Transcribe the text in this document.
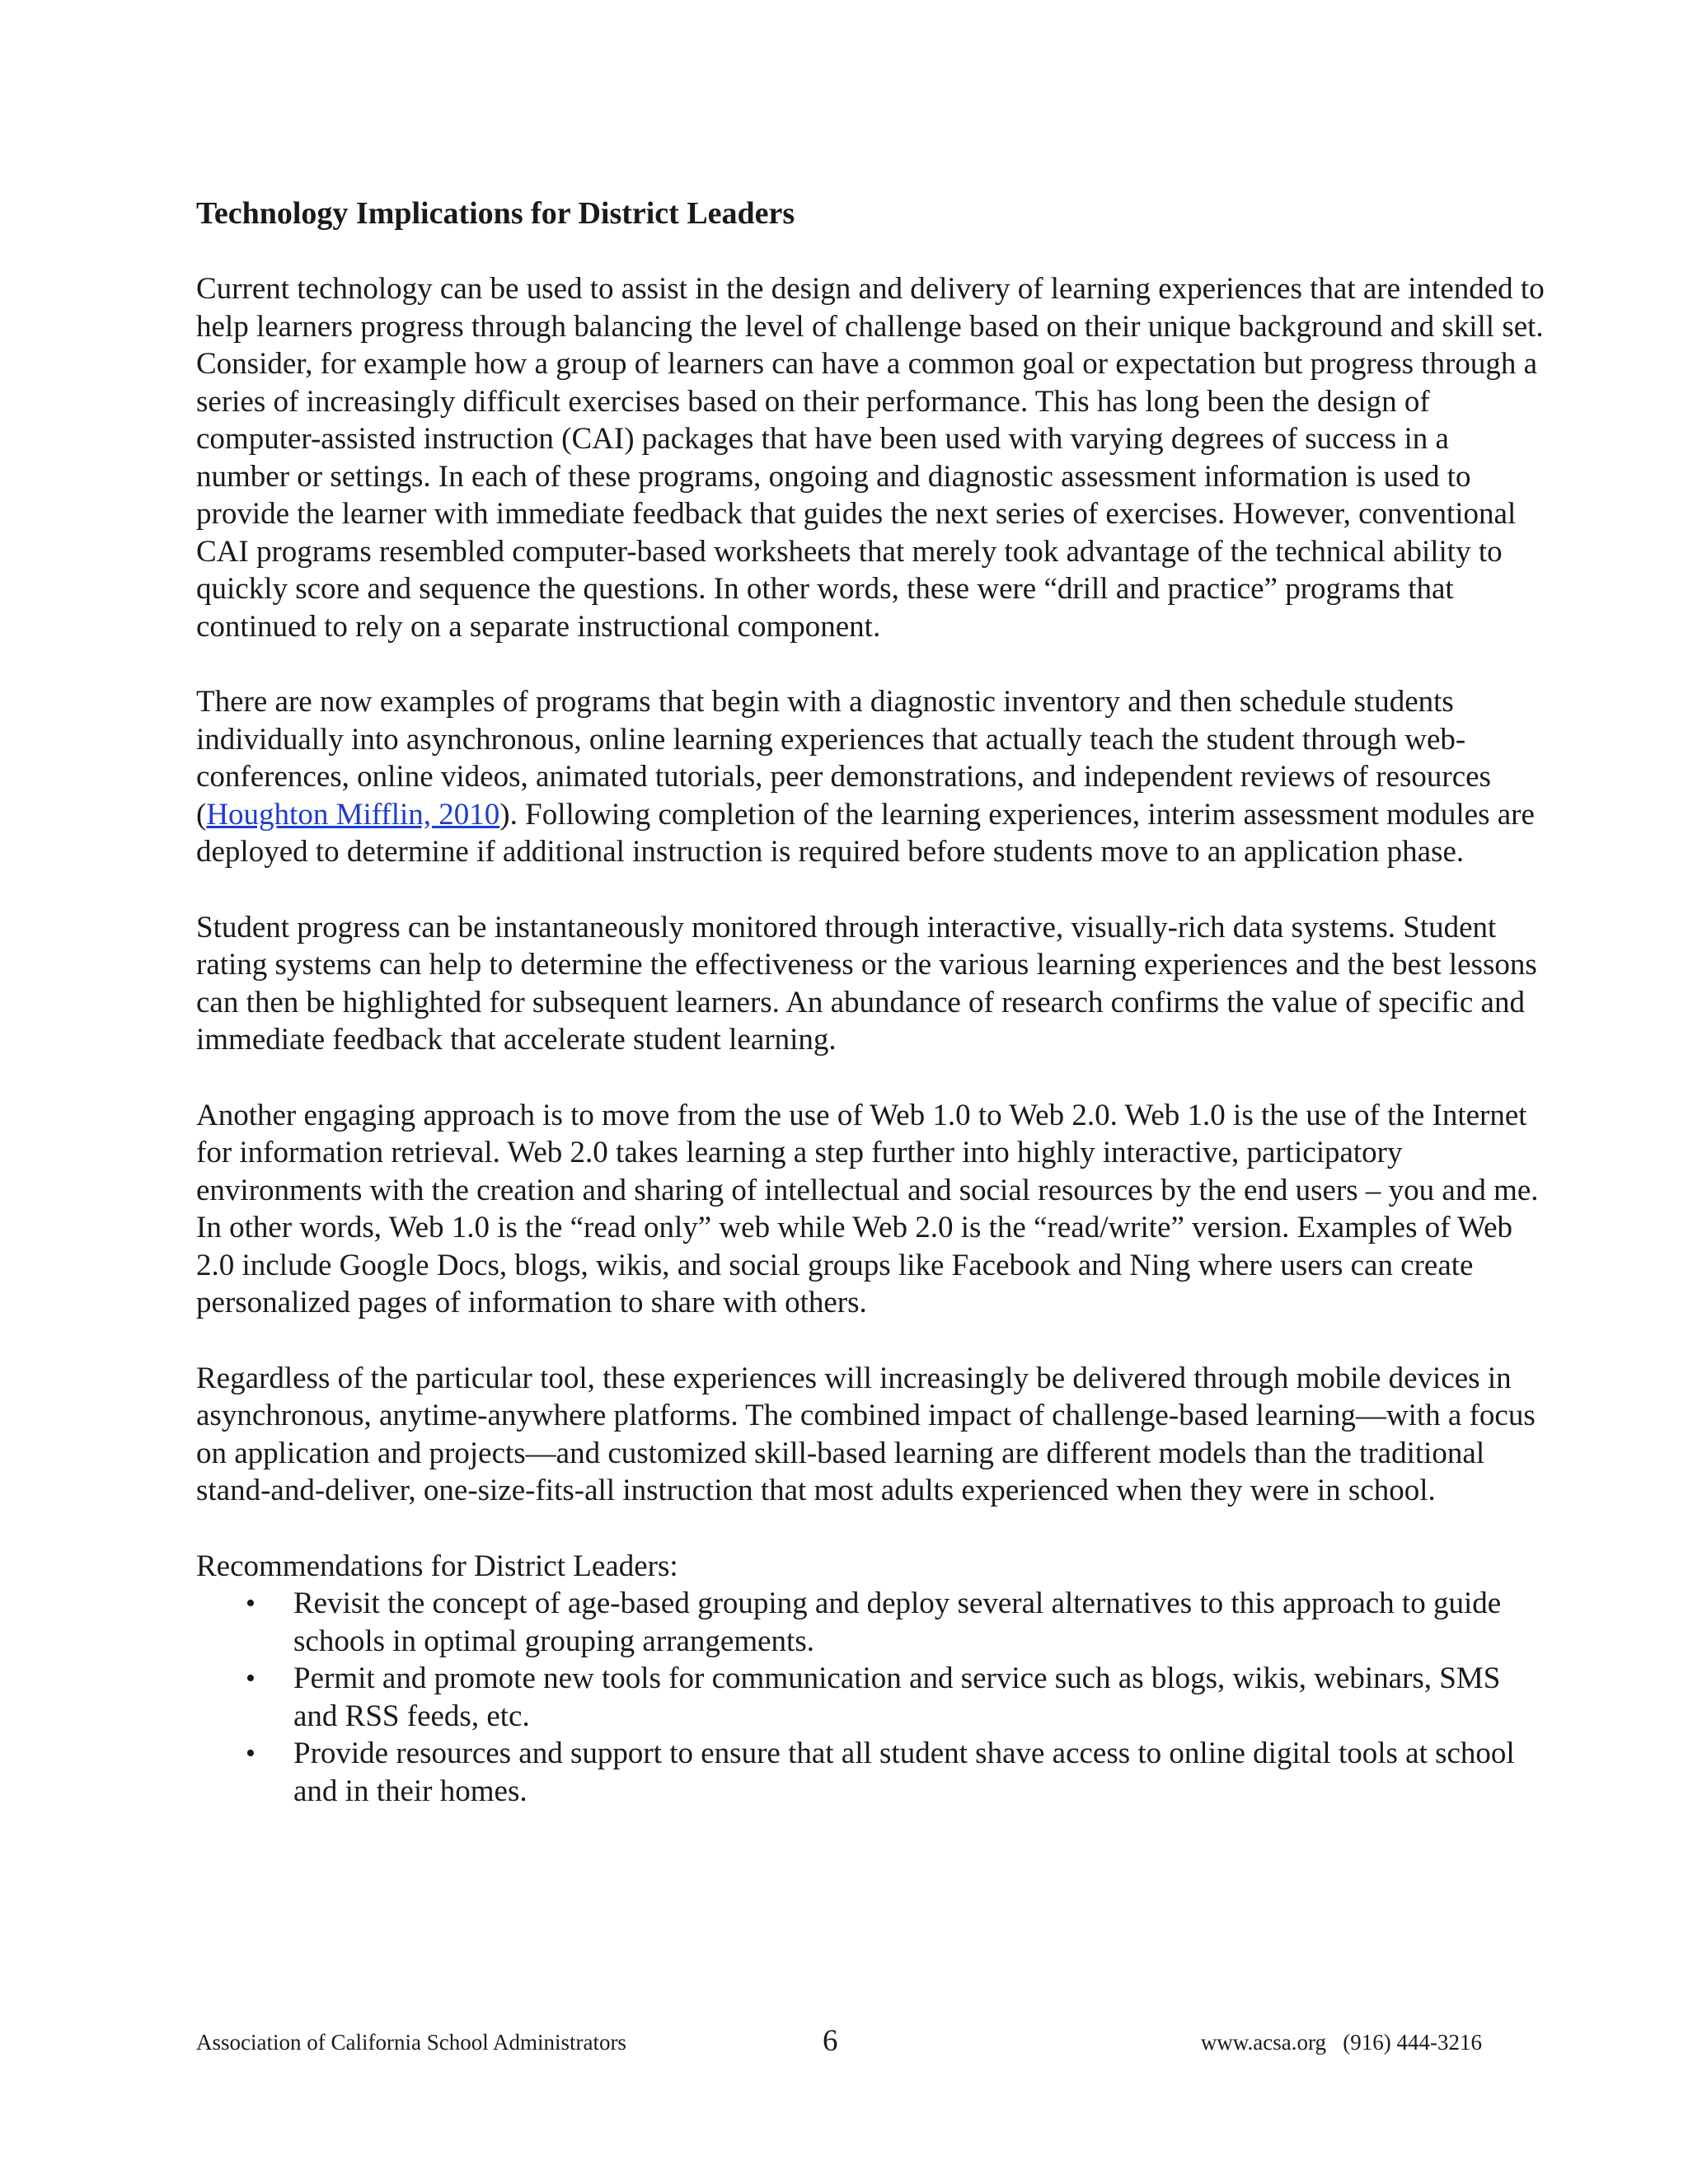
Technology Implications for District Leaders

Current technology can be used to assist in the design and delivery of learning experiences that are intended to help learners progress through balancing the level of challenge based on their unique background and skill set. Consider, for example how a group of learners can have a common goal or expectation but progress through a series of increasingly difficult exercises based on their performance. This has long been the design of computer-assisted instruction (CAI) packages that have been used with varying degrees of success in a number or settings. In each of these programs, ongoing and diagnostic assessment information is used to provide the learner with immediate feedback that guides the next series of exercises. However, conventional CAI programs resembled computer-based worksheets that merely took advantage of the technical ability to quickly score and sequence the questions. In other words, these were “drill and practice” programs that continued to rely on a separate instructional component.

There are now examples of programs that begin with a diagnostic inventory and then schedule students individually into asynchronous, online learning experiences that actually teach the student through web-conferences, online videos, animated tutorials, peer demonstrations, and independent reviews of resources (Houghton Mifflin, 2010). Following completion of the learning experiences, interim assessment modules are deployed to determine if additional instruction is required before students move to an application phase.

Student progress can be instantaneously monitored through interactive, visually-rich data systems. Student rating systems can help to determine the effectiveness or the various learning experiences and the best lessons can then be highlighted for subsequent learners. An abundance of research confirms the value of specific and immediate feedback that accelerate student learning.

Another engaging approach is to move from the use of Web 1.0 to Web 2.0. Web 1.0 is the use of the Internet for information retrieval. Web 2.0 takes learning a step further into highly interactive, participatory environments with the creation and sharing of intellectual and social resources by the end users – you and me. In other words, Web 1.0 is the “read only” web while Web 2.0 is the “read/write” version. Examples of Web 2.0 include Google Docs, blogs, wikis, and social groups like Facebook and Ning where users can create personalized pages of information to share with others.

Regardless of the particular tool, these experiences will increasingly be delivered through mobile devices in asynchronous, anytime-anywhere platforms. The combined impact of challenge-based learning—with a focus on application and projects—and customized skill-based learning are different models than the traditional stand-and-deliver, one-size-fits-all instruction that most adults experienced when they were in school.

Recommendations for District Leaders:
• Revisit the concept of age-based grouping and deploy several alternatives to this approach to guide schools in optimal grouping arrangements.
• Permit and promote new tools for communication and service such as blogs, wikis, webinars, SMS and RSS feeds, etc.
• Provide resources and support to ensure that all student shave access to online digital tools at school and in their homes.
Association of California School Administrators	6	www.acsa.org   (916) 444-3216
